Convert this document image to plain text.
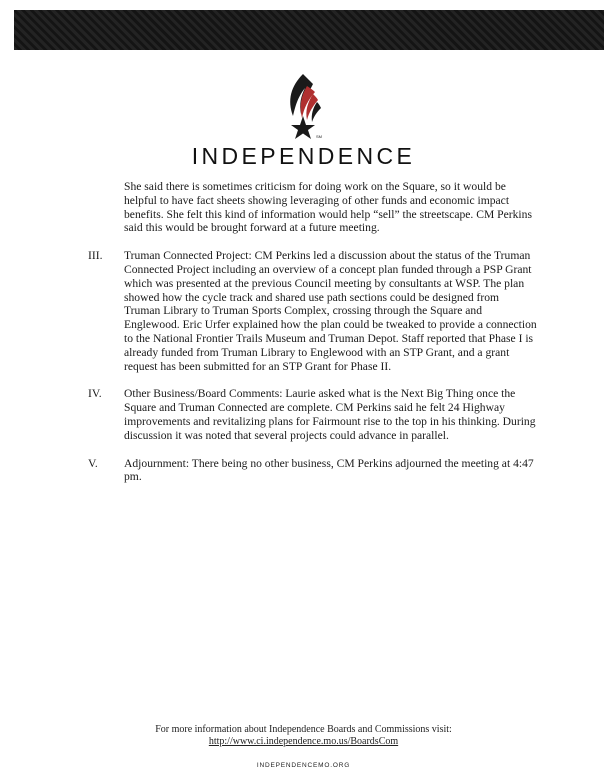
SM
INDEPENDENCE

She said there is sometimes criticism for doing work on the Square, so it would be helpful to have fact sheets showing leveraging of other funds and economic impact benefits. She felt this kind of information would help “sell” the streetscape. CM Perkins said this would be brought forward at a future meeting.

III. Truman Connected Project: CM Perkins led a discussion about the status of the Truman Connected Project including an overview of a concept plan funded through a PSP Grant which was presented at the previous Council meeting by consultants at WSP. The plan showed how the cycle track and shared use path sections could be designed from Truman Library to Truman Sports Complex, crossing through the Square and Englewood. Eric Urfer explained how the plan could be tweaked to provide a connection to the National Frontier Trails Museum and Truman Depot. Staff reported that Phase I is already funded from Truman Library to Englewood with an STP Grant, and a grant request has been submitted for an STP Grant for Phase II.
IV. Other Business/Board Comments: Laurie asked what is the Next Big Thing once the Square and Truman Connected are complete. CM Perkins said he felt 24 Highway improvements and revitalizing plans for Fairmount rise to the top in his thinking. During discussion it was noted that several projects could advance in parallel.
V. Adjournment: There being no other business, CM Perkins adjourned the meeting at 4:47 pm.
For more information about Independence Boards and Commissions visit:
http://www.ci.independence.mo.us/BoardsCom
INDEPENDENCEMO.ORG
